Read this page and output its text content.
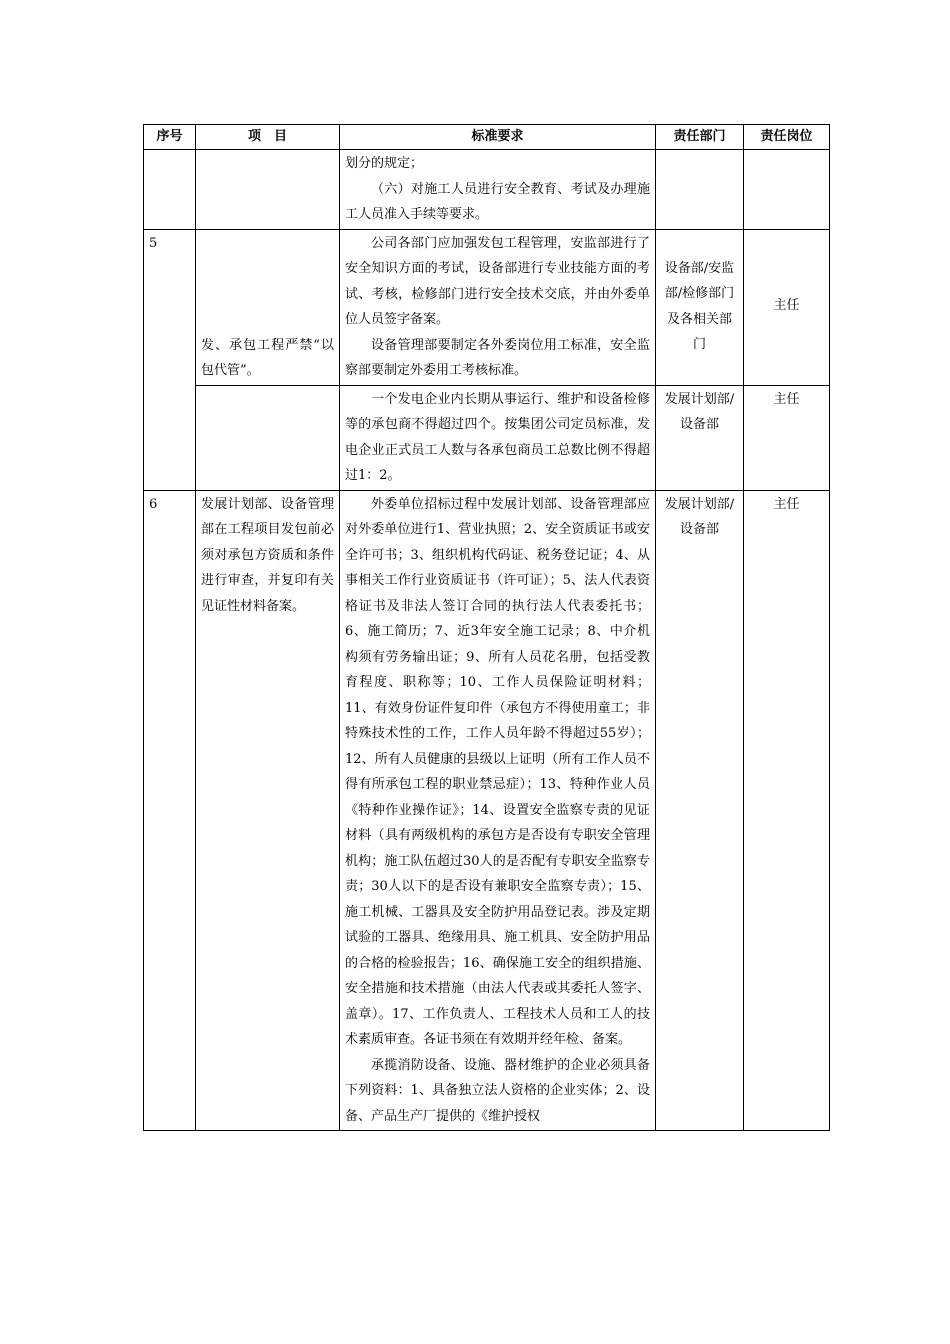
序号	项　目	标准要求	责任部门	责任岗位

		划分的规定；

（六）对施工人员进行安全教育、考试及办理施工人员准入手续等要求。		

5	发、承包工程严禁“以包代管”。	公司各部门应加强发包工程管理，安监部进行了安全知识方面的考试，设备部进行专业技能方面的考试、考核，检修部门进行安全技术交底，并由外委单位人员签字备案。

设备管理部要制定各外委岗位用工标准，安全监察部要制定外委用工考核标准。	设备部/安监部/检修部门及各相关部门	主任

		一个发电企业内长期从事运行、维护和设备检修等的承包商不得超过四个。按集团公司定员标准，发电企业正式员工人数与各承包商员工总数比例不得超过1：2。	发展计划部/设备部	主任
6	发展计划部、设备管理部在工程项目发包前必须对承包方资质和条件进行审查，并复印有关见证性材料备案。	外委单位招标过程中发展计划部、设备管理部应对外委单位进行1、营业执照；2、安全资质证书或安全许可书；3、组织机构代码证、税务登记证；4、从事相关工作行业资质证书（许可证）；5、法人代表资格证书及非法人签订合同的执行法人代表委托书；6、施工简历；7、近3年安全施工记录；8、中介机构须有劳务输出证；9、所有人员花名册，包括受教育程度、职称等；10、工作人员保险证明材料；11、有效身份证件复印件（承包方不得使用童工；非特殊技术性的工作，工作人员年龄不得超过55岁）；12、所有人员健康的县级以上证明（所有工作人员不得有所承包工程的职业禁忌症）；13、特种作业人员《特种作业操作证》；14、设置安全监察专责的见证材料（具有两级机构的承包方是否设有专职安全管理机构；施工队伍超过30人的是否配有专职安全监察专责；30人以下的是否设有兼职安全监察专责）；15、施工机械、工器具及安全防护用品登记表。涉及定期试验的工器具、绝缘用具、施工机具、安全防护用品的合格的检验报告；16、确保施工安全的组织措施、安全措施和技术措施（由法人代表或其委托人签字、盖章）。17、工作负责人、工程技术人员和工人的技术素质审查。各证书须在有效期并经年检、备案。

承揽消防设备、设施、器材维护的企业必须具备下列资料：1、具备独立法人资格的企业实体；2、设备、产品生产厂提供的《维护授权	发展计划部/设备部	主任
